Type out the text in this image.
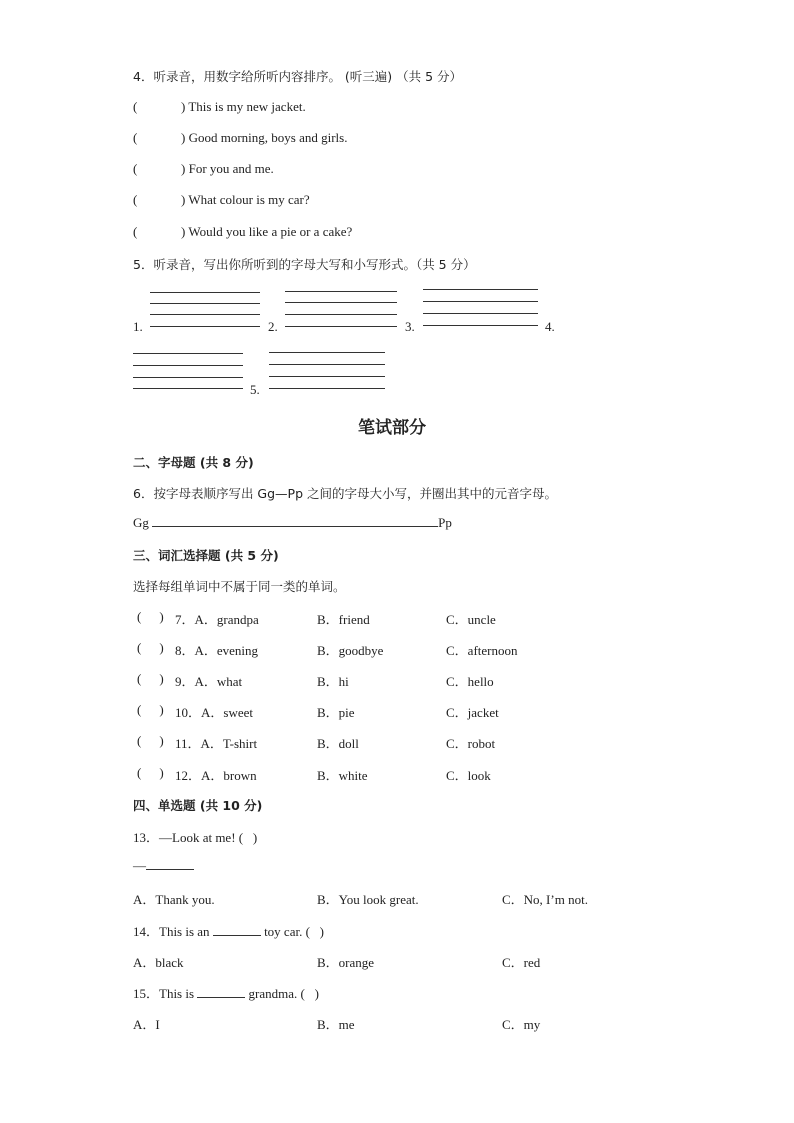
4．听录音，用数字给所听内容排序。 (听三遍) （共 5 分）
(	) This is my new jacket.
(	) Good morning, boys and girls.
(	) For you and me.
(	) What colour is my car?
(	) Would you like a pie or a cake?
5．听录音，写出你所听到的字母大写和小写形式。（共 5 分）
1.	2.	3.	4.
5.
笔试部分
二、字母题 (共 8 分)
6．按字母表顺序写出 Gg—Pp 之间的字母大小写，并圈出其中的元音字母。
Gg	Pp
三、词汇选择题 (共 5 分)
选择每组单词中不属于同一类的单词。
( ) 7．A．grandpa	B．friend	C．uncle
( ) 8．A．evening	B．goodbye	C．afternoon
( ) 9．A．what	B．hi	C．hello
( ) 10．A．sweet	B．pie	C．jacket
( ) 11．A．T-shirt	B．doll	C．robot
( ) 12．A．brown	B．white	C．look
四、单选题 (共 10 分)
13．—Look at me! (   )
—
A．Thank you.	B．You look great.	C．No, I’m not.
14．This is an	toy car. (   )
A．black	B．orange	C．red
15．This is	grandma. (   )
A．I	B．me	C．my
